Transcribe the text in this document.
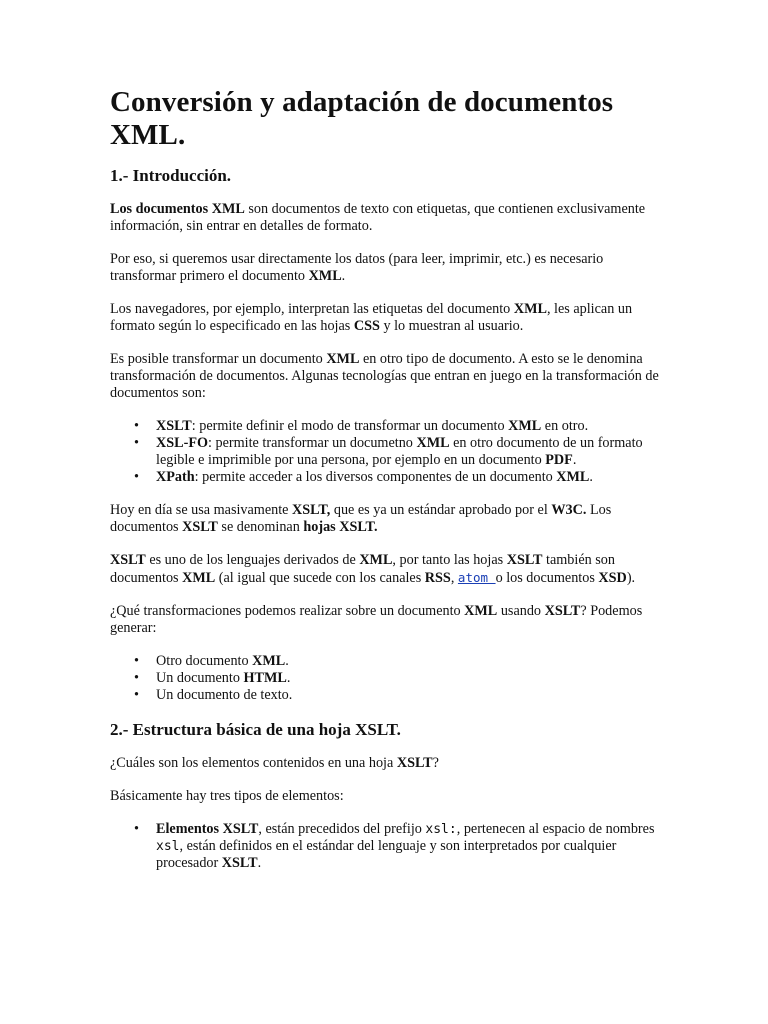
Conversión y adaptación de documentos XML.
1.- Introducción.

Los documentos XML son documentos de texto con etiquetas, que contienen exclusivamente información, sin entrar en detalles de formato.

Por eso, si queremos usar directamente los datos (para leer, imprimir, etc.) es necesario transformar primero el documento XML.

Los navegadores, por ejemplo, interpretan las etiquetas del documento XML, les aplican un formato según lo especificado en las hojas CSS y lo muestran al usuario.

Es posible transformar un documento XML en otro tipo de documento. A esto se le denomina transformación de documentos. Algunas tecnologías que entran en juego en la transformación de documentos son:

• XSLT: permite definir el modo de transformar un documento XML en otro.
• XSL-FO: permite transformar un documetno XML en otro documento de un formato legible e imprimible por una persona, por ejemplo en un documento PDF.
• XPath: permite acceder a los diversos componentes de un documento XML.

Hoy en día se usa masivamente XSLT, que es ya un estándar aprobado por el W3C. Los documentos XSLT se denominan hojas XSLT.

XSLT es uno de los lenguajes derivados de XML, por tanto las hojas XSLT también son documentos XML (al igual que sucede con los canales RSS, atom o los documentos XSD).

¿Qué transformaciones podemos realizar sobre un documento XML usando XSLT? Podemos generar:

• Otro documento XML.
• Un documento HTML.
• Un documento de texto.
2.- Estructura básica de una hoja XSLT.

¿Cuáles son los elementos contenidos en una hoja XSLT?

Básicamente hay tres tipos de elementos:

• Elementos XSLT, están precedidos del prefijo xsl:, pertenecen al espacio de nombres xsl, están definidos en el estándar del lenguaje y son interpretados por cualquier procesador XSLT.
